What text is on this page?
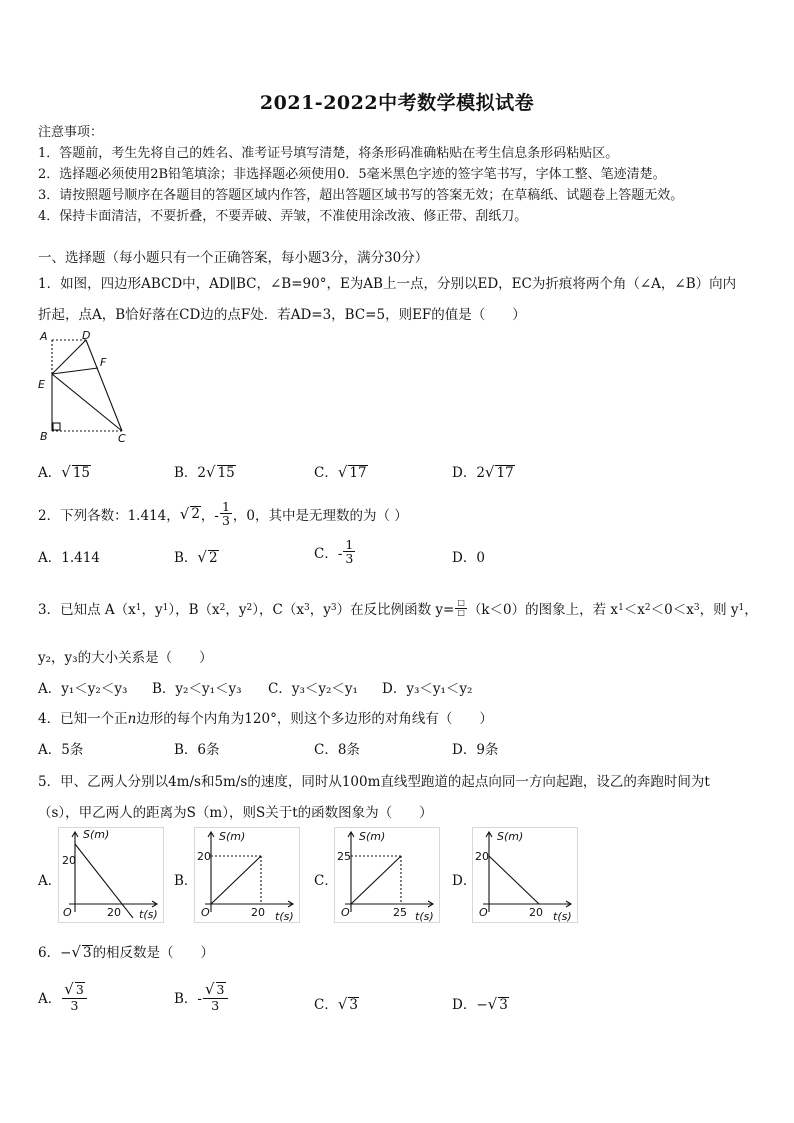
2021-2022中考数学模拟试卷
注意事项：
1．答题前，考生先将自己的姓名、准考证号填写清楚，将条形码准确粘贴在考生信息条形码粘贴区。
2．选择题必须使用2B铅笔填涂；非选择题必须使用0．5毫米黑色字迹的签字笔书写，字体工整、笔迹清楚。
3．请按照题号顺序在各题目的答题区域内作答，超出答题区域书写的答案无效；在草稿纸、试题卷上答题无效。
4．保持卡面清洁，不要折叠，不要弄破、弄皱，不准使用涂改液、修正带、刮纸刀。
一、选择题（每小题只有一个正确答案，每小题3分，满分30分）
1．如图，四边形ABCD中，AD∥BC，∠B=90°，E为AB上一点，分别以ED，EC为折痕将两个角（∠A，∠B）向内
折起，点A，B恰好落在CD边的点F处．若AD=3，BC=5，则EF的值是（　　）
A	D
F
E
B	C
A．√ 15	B．2√ 15	C．√ 17	D．2√ 17
2．下列各数：1.414， √ 2 ，- $\frac{1}{3}$ ，0，其中是无理数的为（ ）
A．1.414	B．√ 2	C．- $\frac{1}{3}$	D．0
3．已知点 A（x 1 ，y 1 ），B（x 2 ，y 2 ），C（x 3 ，y 3 ）在反比例函数 $y= \frac{□}{□} (k<0)$的图象上，若 x 1 ＜x 2 ＜0＜x 3 ，则 y 1 ，
y₂，y₃的大小关系是（　　）
A．y₁＜y₂＜y₃ B．y₂＜y₁＜y₃ C．y₃＜y₂＜y₁ D．y₃＜y₁＜y₂
4．已知一个正n边形的每个内角为120°，则这个多边形的对角线有（　　）
A．5条	B．6条	C．8条	D．9条
5．甲、乙两人分别以4m/s和5m/s的速度，同时从100m直线型跑道的起点向同一方向起跑，设乙的奔跑时间为t
（s），甲乙两人的距离为S（m），则S关于t的函数图象为（　　）
A．
S(m)
20
O	20 t(s)
B．
S(m)
20
O	20 t(s)
C．
S(m)
25
O	25 t(s)
D．
S(m)
20
O	20 t(s)
6．−√ 3的相反数是（　　）
A． $\frac{√ 3}{3}$	B．- $\frac{√ 3}{3}$	C．√ 3	D．−√ 3
